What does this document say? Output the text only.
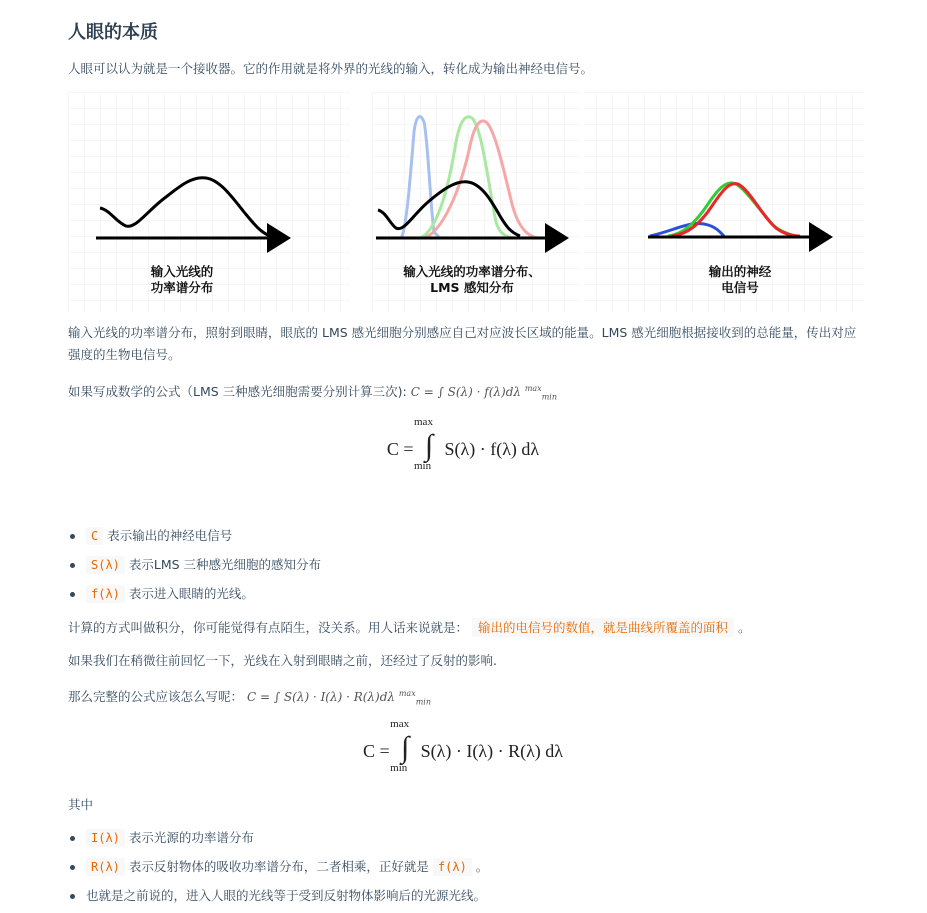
人眼的本质

人眼可以认为就是一个接收器。它的作用就是将外界的光线的输入，转化成为输出神经电信号。

输入光线的
功率谱分布
输入光线的功率谱分布、
LMS 感知分布
输出的神经
电信号

输入光线的功率谱分布，照射到眼睛，眼底的 LMS 感光细胞分别感应自己对应波长区域的能量。LMS 感光细胞根据接收到的总能量，传出对应强度的生物电信号。

如果写成数学的公式（LMS 三种感光细胞需要分别计算三次): C = ∫ S(λ) · f(λ)dλ $^{max}_{min}$

C =
max
∫
min
S(λ) · f(λ) dλ
C 表示输出的神经电信号
S(λ) 表示LMS 三种感光细胞的感知分布
f(λ) 表示进入眼睛的光线。

计算的方式叫做积分，你可能觉得有点陌生，没关系。用人话来说就是： 输出的电信号的数值，就是曲线所覆盖的面积 。

如果我们在稍微往前回忆一下，光线在入射到眼睛之前，还经过了反射的影响.

那么完整的公式应该怎么写呢： C = ∫ S(λ) · I(λ) · R(λ)dλ $^{max}_{min}$

C =
max
∫
min
S(λ) · I(λ) · R(λ) dλ

其中

I(λ) 表示光源的功率谱分布
R(λ) 表示反射物体的吸收功率谱分布，二者相乘，正好就是 f(λ) 。
也就是之前说的，进入人眼的光线等于受到反射物体影响后的光源光线。
